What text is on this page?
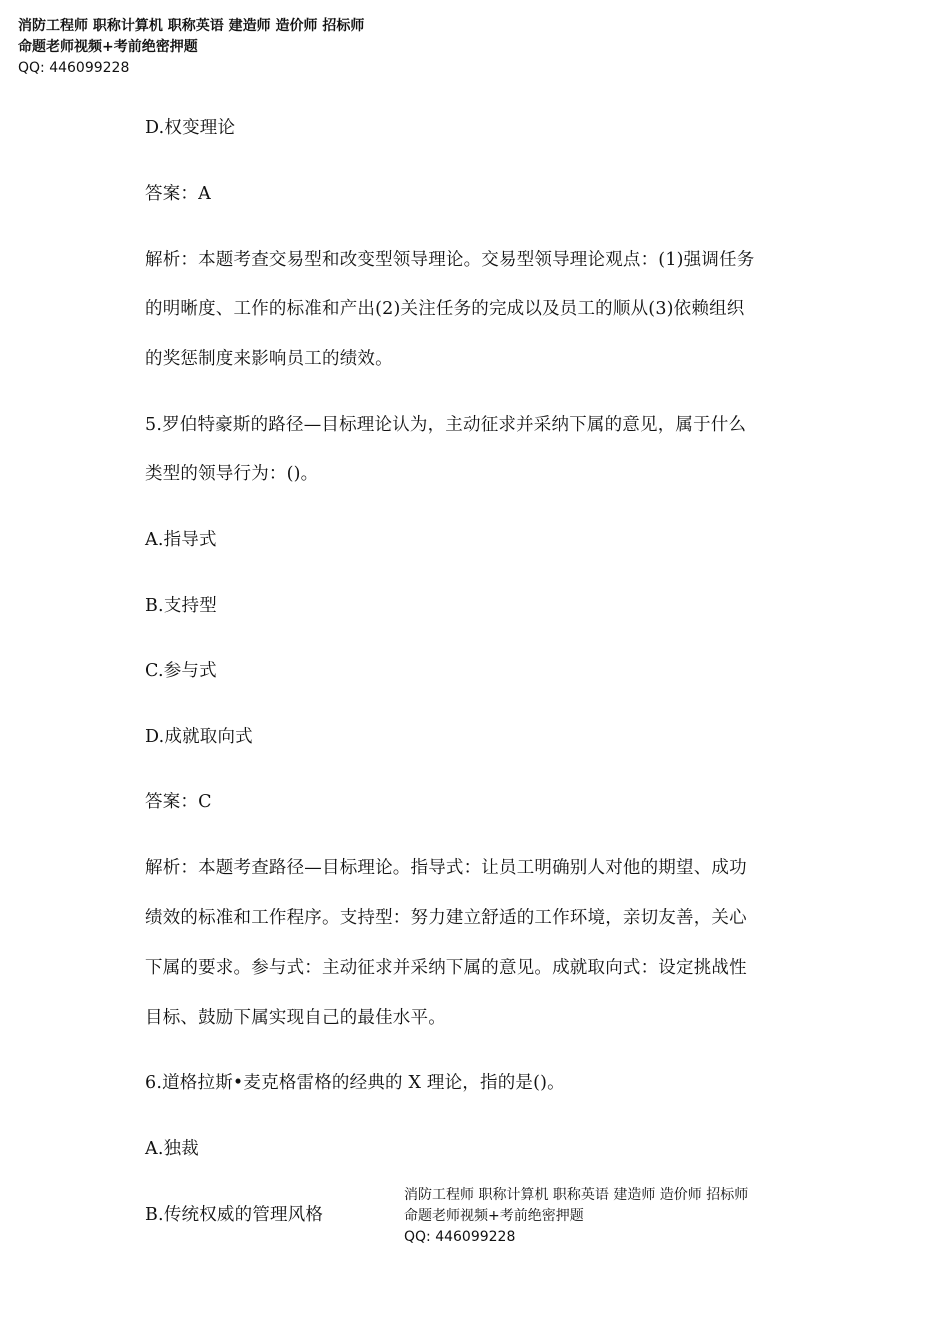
消防工程师 职称计算机 职称英语 建造师 造价师 招标师
命题老师视频+考前绝密押题
QQ: 446099228
D.权变理论
答案：A
解析：本题考查交易型和改变型领导理论。交易型领导理论观点：(1)强调任务
的明晰度、工作的标准和产出(2)关注任务的完成以及员工的顺从(3)依赖组织
的奖惩制度来影响员工的绩效。
5.罗伯特豪斯的路径—目标理论认为，主动征求并采纳下属的意见，属于什么
类型的领导行为：()。
A.指导式
B.支持型
C.参与式
D.成就取向式
答案：C
解析：本题考查路径—目标理论。指导式：让员工明确别人对他的期望、成功
绩效的标准和工作程序。支持型：努力建立舒适的工作环境，亲切友善，关心
下属的要求。参与式：主动征求并采纳下属的意见。成就取向式：设定挑战性
目标、鼓励下属实现自己的最佳水平。
6.道格拉斯•麦克格雷格的经典的 X 理论，指的是()。
A.独裁
B.传统权威的管理风格
消防工程师 职称计算机 职称英语 建造师 造价师 招标师
命题老师视频+考前绝密押题
QQ: 446099228
